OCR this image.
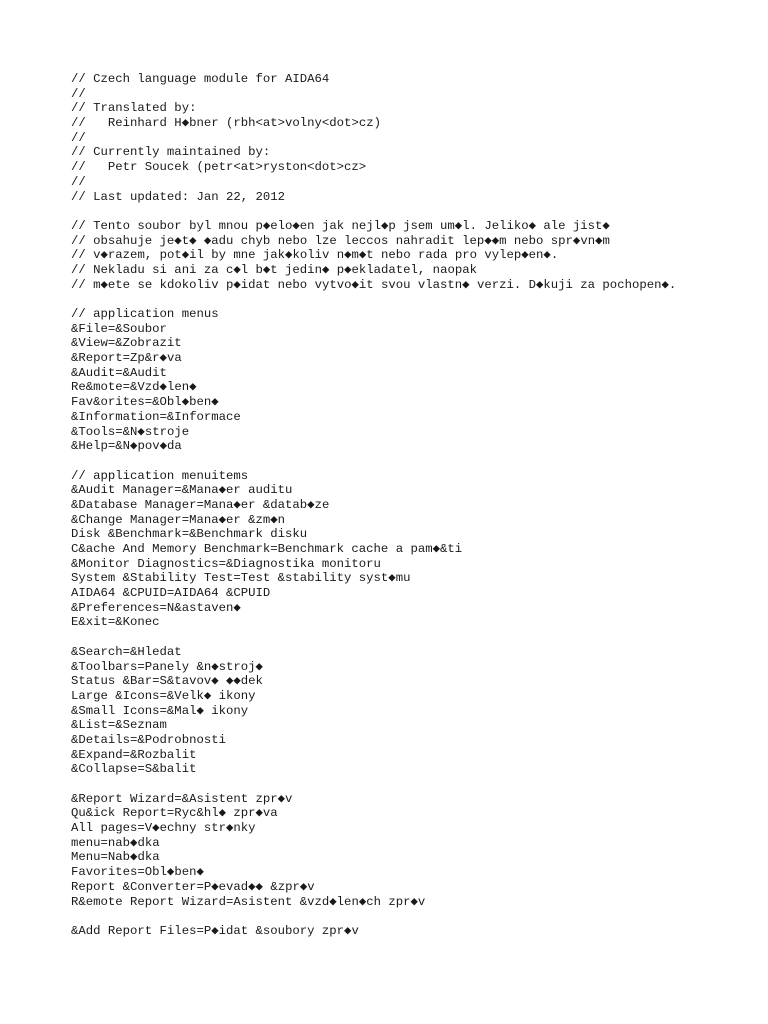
// Czech language module for AIDA64
//
// Translated by:
//   Reinhard H◆bner (rbh<at>volny<dot>cz)
//
// Currently maintained by:
//   Petr Soucek (petr<at>ryston<dot>cz>
//
// Last updated: Jan 22, 2012
// Tento soubor byl mnou p◆elo◆en jak nejl◆p jsem um◆l. Jeliko◆ ale jist◆
// obsahuje je◆t◆ ◆adu chyb nebo lze leccos nahradit lep◆◆m nebo spr◆vn◆m
// v◆razem, pot◆il by mne jak◆koliv n◆m◆t nebo rada pro vylep◆en◆.
// Nekladu si ani za c◆l b◆t jedin◆ p◆ekladatel, naopak
// m◆ete se kdokoliv p◆idat nebo vytvo◆it svou vlastn◆ verzi. D◆kuji za pochopen◆.
// application menus
&File=&Soubor
&View=&Zobrazit
&Report=Zp&r◆va
&Audit=&Audit
Re&mote=&Vzd◆len◆
Fav&orites=&Obl◆ben◆
&Information=&Informace
&Tools=&N◆stroje
&Help=&N◆pov◆da
// application menuitems
&Audit Manager=&Mana◆er auditu
&Database Manager=Mana◆er &datab◆ze
&Change Manager=Mana◆er &zm◆n
Disk &Benchmark=&Benchmark disku
C&ache And Memory Benchmark=Benchmark cache a pam◆&ti
&Monitor Diagnostics=&Diagnostika monitoru
System &Stability Test=Test &stability syst◆mu
AIDA64 &CPUID=AIDA64 &CPUID
&Preferences=N&astaven◆
E&xit=&Konec
&Search=&Hledat
&Toolbars=Panely &n◆stroj◆
Status &Bar=S&tavov◆ ◆◆dek
Large &Icons=&Velk◆ ikony
&Small Icons=&Mal◆ ikony
&List=&Seznam
&Details=&Podrobnosti
&Expand=&Rozbalit
&Collapse=S&balit
&Report Wizard=&Asistent zpr◆v
Qu&ick Report=Ryc&hl◆ zpr◆va
All pages=V◆echny str◆nky
menu=nab◆dka
Menu=Nab◆dka
Favorites=Obl◆ben◆
Report &Converter=P◆evad◆◆ &zpr◆v
R&emote Report Wizard=Asistent &vzd◆len◆ch zpr◆v
&Add Report Files=P◆idat &soubory zpr◆v
